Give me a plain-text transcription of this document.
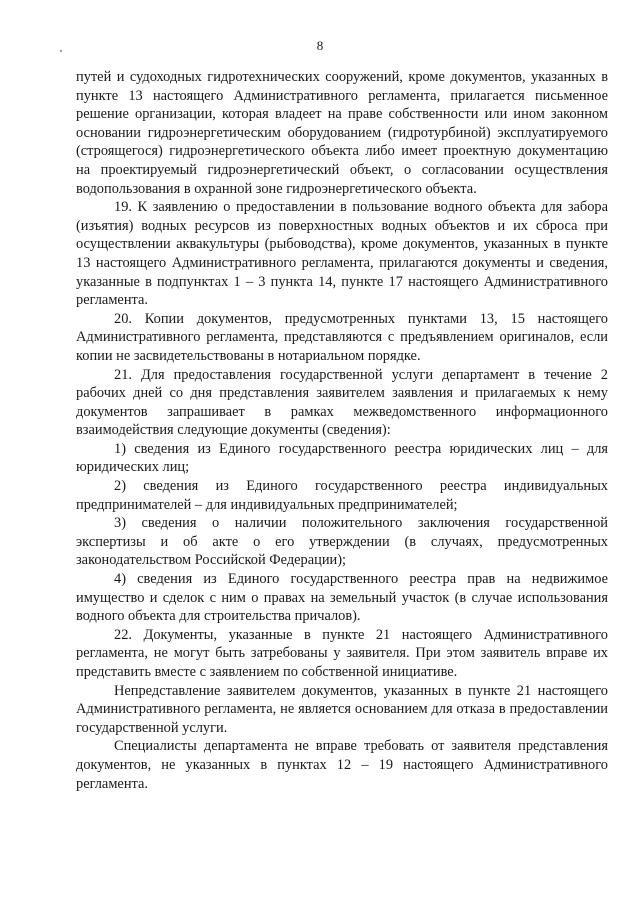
8

путей и судоходных гидротехнических сооружений, кроме документов, указанных в пункте 13 настоящего Административного регламента, прилагается письменное решение организации, которая владеет на праве собственности или ином законном основании гидроэнергетическим оборудованием (гидротурбиной) эксплуатируемого (строящегося) гидроэнергетического объекта либо имеет проектную документацию на проектируемый гидроэнергетический объект, о согласовании осуществления водопользования в охранной зоне гидроэнергетического объекта.

19. К заявлению о предоставлении в пользование водного объекта для забора (изъятия) водных ресурсов из поверхностных водных объектов и их сброса при осуществлении аквакультуры (рыбоводства), кроме документов, указанных в пункте 13 настоящего Административного регламента, прилагаются документы и сведения, указанные в подпунктах 1 – 3 пункта 14, пункте 17 настоящего Административного регламента.

20. Копии документов, предусмотренных пунктами 13, 15 настоящего Административного регламента, представляются с предъявлением оригиналов, если копии не засвидетельствованы в нотариальном порядке.

21. Для предоставления государственной услуги департамент в течение 2 рабочих дней со дня представления заявителем заявления и прилагаемых к нему документов запрашивает в рамках межведомственного информационного взаимодействия следующие документы (сведения):

1) сведения из Единого государственного реестра юридических лиц – для юридических лиц;

2) сведения из Единого государственного реестра индивидуальных предпринимателей – для индивидуальных предпринимателей;

3) сведения о наличии положительного заключения государственной экспертизы и об акте о его утверждении (в случаях, предусмотренных законодательством Российской Федерации);

4) сведения из Единого государственного реестра прав на недвижимое имущество и сделок с ним о правах на земельный участок (в случае использования водного объекта для строительства причалов).

22. Документы, указанные в пункте 21 настоящего Административного регламента, не могут быть затребованы у заявителя. При этом заявитель вправе их представить вместе с заявлением по собственной инициативе.

Непредставление заявителем документов, указанных в пункте 21 настоящего Административного регламента, не является основанием для отказа в предоставлении государственной услуги.

Специалисты департамента не вправе требовать от заявителя представления документов, не указанных в пунктах 12 – 19 настоящего Административного регламента.
